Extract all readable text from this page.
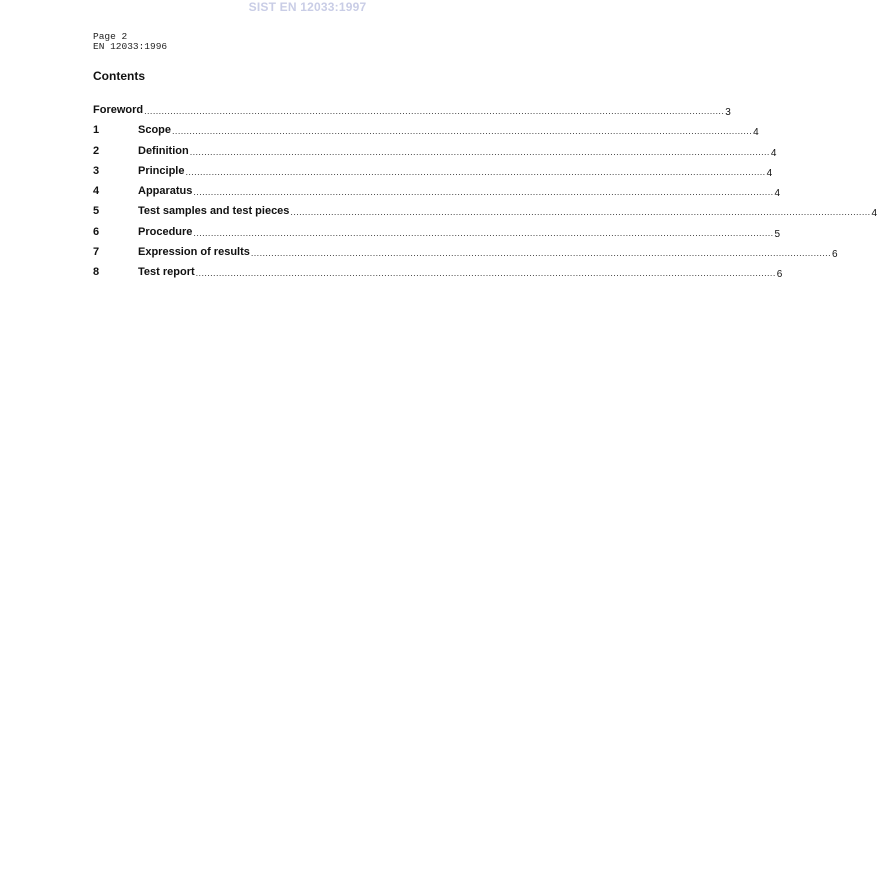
SIST EN 12033:1997
Page 2
EN 12033:1996
Contents
Foreword ........................................................................................................................................................................................................ 3
1	Scope ........................................................................................................................................................................................................ 4
2	Definition ........................................................................................................................................................................................................ 4
3	Principle ........................................................................................................................................................................................................ 4
4	Apparatus ........................................................................................................................................................................................................ 4
5	Test samples and test pieces ........................................................................................................................................................................................................ 4
6	Procedure ........................................................................................................................................................................................................ 5
7	Expression of results ........................................................................................................................................................................................................ 6
8	Test report ........................................................................................................................................................................................................ 6
